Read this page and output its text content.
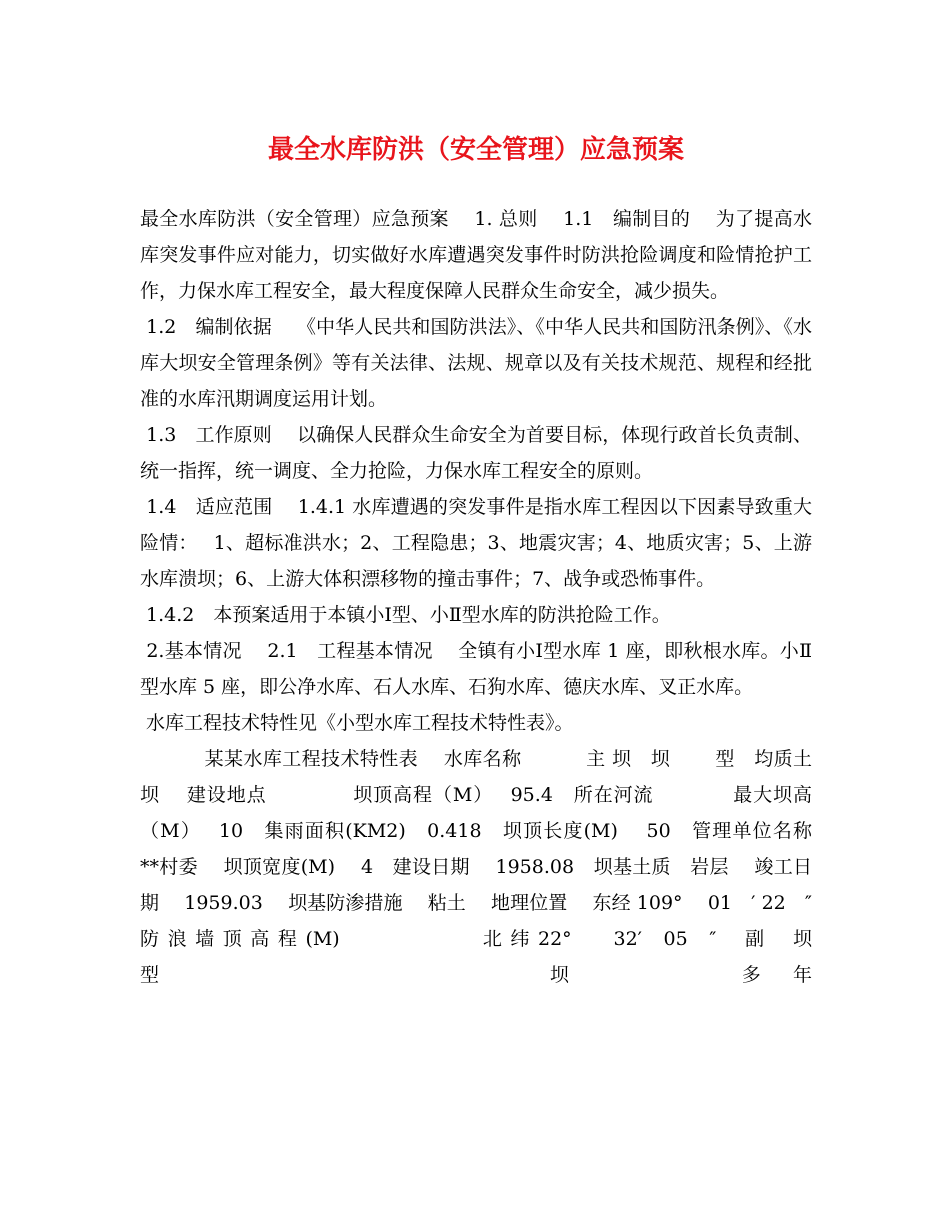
最全水库防洪（安全管理）应急预案

最全水库防洪（安全管理）应急预案　 1. 总则　 1.1　编制目的　 为了提高水库突发事件应对能力，切实做好水库遭遇突发事件时防洪抢险调度和险情抢护工作，力保水库工程安全，最大程度保障人民群众生命安全，减少损失。

1.2　编制依据　 《中华人民共和国防洪法》、《中华人民共和国防汛条例》、《水库大坝安全管理条例》等有关法律、法规、规章以及有关技术规范、规程和经批准的水库汛期调度运用计划。

1.3　工作原则　 以确保人民群众生命安全为首要目标，体现行政首长负责制、统一指挥，统一调度、全力抢险，力保水库工程安全的原则。

1.4　适应范围　 1.4.1 水库遭遇的突发事件是指水库工程因以下因素导致重大险情：　 1、超标准洪水；2、工程隐患；3、地震灾害；4、地质灾害；5、上游水库溃坝；6、上游大体积漂移物的撞击事件；7、战争或恐怖事件。

1.4.2　本预案适用于本镇小Ⅰ型、小Ⅱ型水库的防洪抢险工作。

2.基本情况　 2.1　工程基本情况　 全镇有小Ⅰ型水库 1 座，即秋根水库。小Ⅱ型水库 5 座，即公净水库、石人水库、石狗水库、德庆水库、叉正水库。

水库工程技术特性见《小型水库工程技术特性表》。

　　　 某某水库工程技术特性表　 水库名称　　　 主 坝　坝　　 型　均质土坝　 建设地点　　　　 坝顶高程（M）　 95.4　所在河流　　　　最大坝高（M）　 10　集雨面积(KM2)　0.418　坝顶长度(M)　 50　管理单位名称　 **村委　 坝顶宽度(M)　 4　建设日期　 1958.08　坝基土质　岩层　 竣工日期　 1959.03　 坝基防渗措施　 粘土　 地理位置　 东经 109°　 01　′ 22　″　　　　防 浪 墙 顶 高 程 (M)　　　　　　　北 纬 22°　　32′　05　″　 副　 坝　　型　　　　　　　坝　　 多年
